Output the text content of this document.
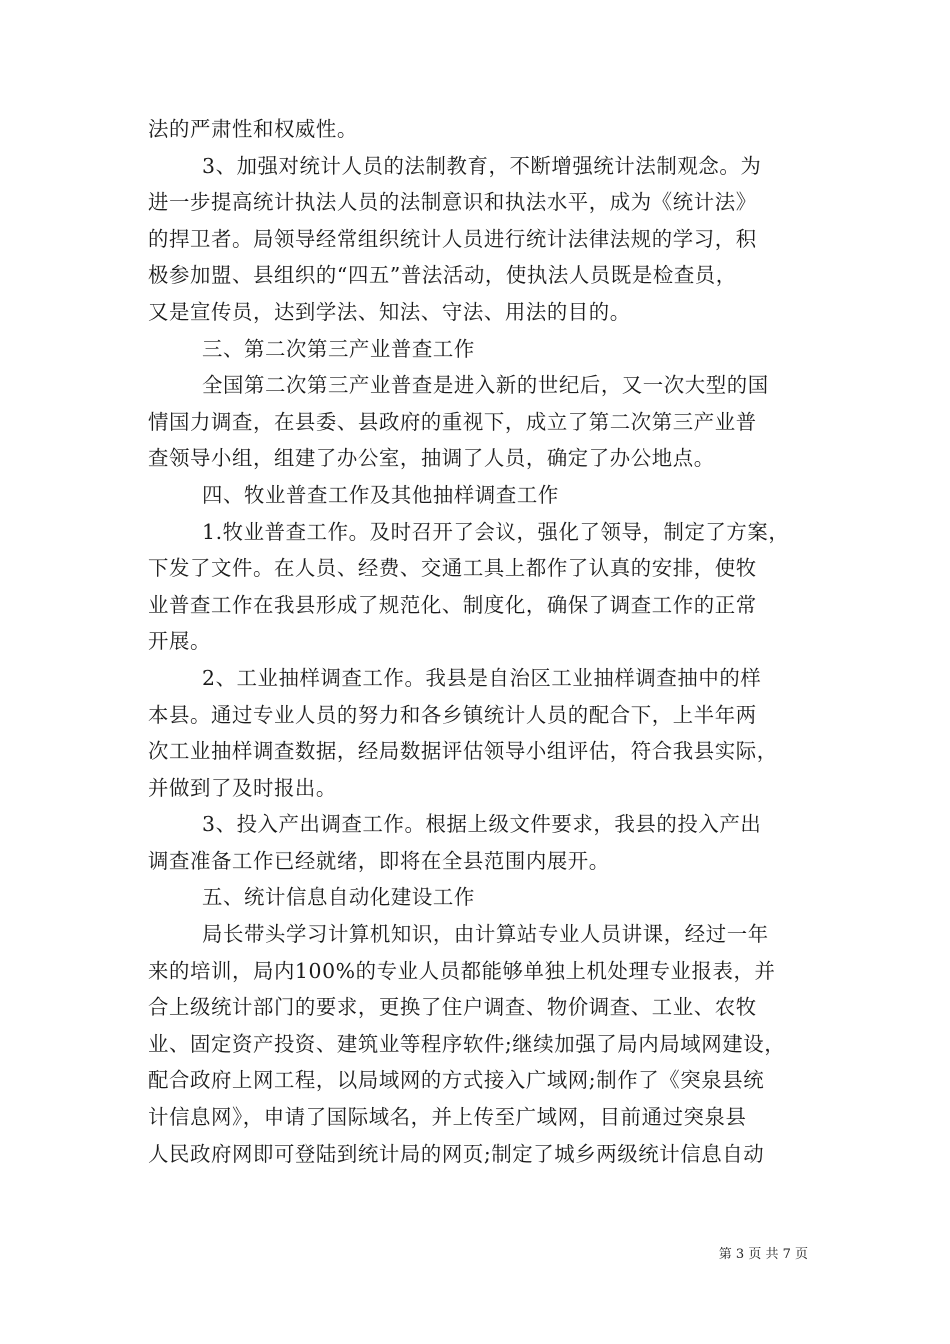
法的严肃性和权威性。
3、加强对统计人员的法制教育，不断增强统计法制观念。为
进一步提高统计执法人员的法制意识和执法水平，成为《统计法》
的捍卫者。局领导经常组织统计人员进行统计法律法规的学习，积
极参加盟、县组织的“四五”普法活动，使执法人员既是检查员，
又是宣传员，达到学法、知法、守法、用法的目的。
三、第二次第三产业普查工作
全国第二次第三产业普查是进入新的世纪后，又一次大型的国
情国力调查，在县委、县政府的重视下，成立了第二次第三产业普
查领导小组，组建了办公室，抽调了人员，确定了办公地点。
四、牧业普查工作及其他抽样调查工作
1.牧业普查工作。及时召开了会议，强化了领导，制定了方案，
下发了文件。在人员、经费、交通工具上都作了认真的安排，使牧
业普查工作在我县形成了规范化、制度化，确保了调查工作的正常
开展。
2、工业抽样调查工作。我县是自治区工业抽样调查抽中的样
本县。通过专业人员的努力和各乡镇统计人员的配合下，上半年两
次工业抽样调查数据，经局数据评估领导小组评估，符合我县实际，
并做到了及时报出。
3、投入产出调查工作。根据上级文件要求，我县的投入产出
调查准备工作已经就绪，即将在全县范围内展开。
五、统计信息自动化建设工作
局长带头学习计算机知识，由计算站专业人员讲课，经过一年
来的培训，局内100%的专业人员都能够单独上机处理专业报表，并
合上级统计部门的要求，更换了住户调查、物价调查、工业、农牧
业、固定资产投资、建筑业等程序软件;继续加强了局内局域网建设，
配合政府上网工程，以局域网的方式接入广域网;制作了《突泉县统
计信息网》，申请了国际域名，并上传至广域网，目前通过突泉县
人民政府网即可登陆到统计局的网页;制定了城乡两级统计信息自动
第 3 页 共 7 页
